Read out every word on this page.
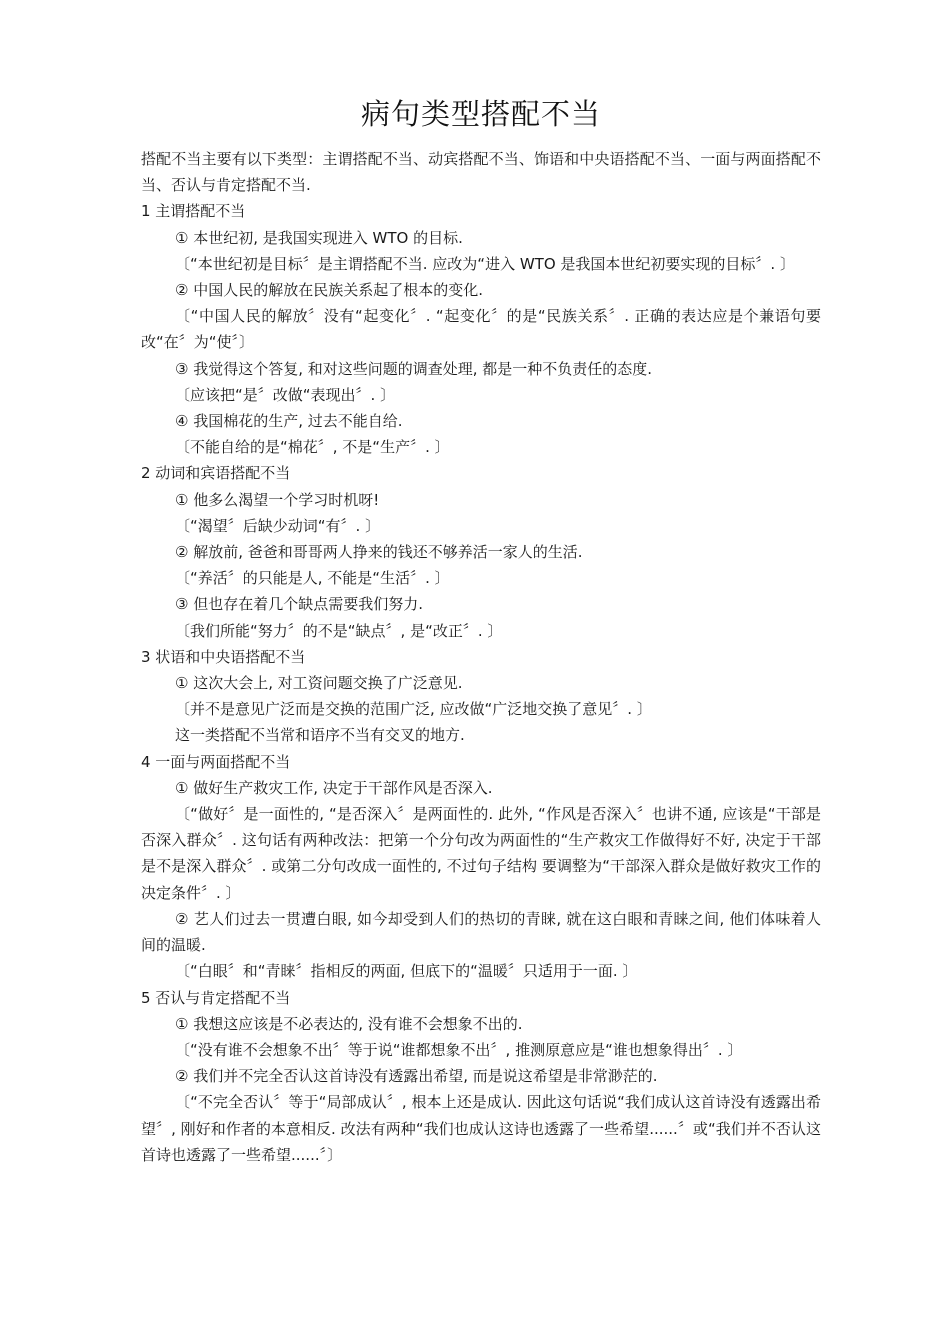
病句类型搭配不当
搭配不当主要有以下类型：主谓搭配不当、动宾搭配不当、饰语和中央语搭配不当、一面与两面搭配不当、否认与肯定搭配不当.
1 主谓搭配不当
① 本世纪初, 是我国实现进入 WTO 的目标.
〔“本世纪初是目标〞是主谓搭配不当. 应改为“进入 WTO 是我国本世纪初要实现的目标〞. 〕
② 中国人民的解放在民族关系起了根本的变化.
〔“中国人民的解放〞没有“起变化〞. “起变化〞的是“民族关系〞. 正确的表达应是个兼语句要改“在〞为“使〞〕
③ 我觉得这个答复, 和对这些问题的调查处理, 都是一种不负责任的态度.
〔应该把“是〞改做“表现出〞. 〕
④ 我国棉花的生产, 过去不能自给.
〔不能自给的是“棉花〞, 不是“生产〞. 〕
2 动词和宾语搭配不当
① 他多么渴望一个学习时机呀!
〔“渴望〞后缺少动词“有〞. 〕
② 解放前, 爸爸和哥哥两人挣来的钱还不够养活一家人的生活.
〔“养活〞的只能是人, 不能是“生活〞. 〕
③ 但也存在着几个缺点需要我们努力.
〔我们所能“努力〞的不是“缺点〞, 是“改正〞. 〕
3 状语和中央语搭配不当
① 这次大会上, 对工资问题交换了广泛意见.
〔并不是意见广泛而是交换的范围广泛, 应改做“广泛地交换了意见〞. 〕
这一类搭配不当常和语序不当有交叉的地方.
4 一面与两面搭配不当
① 做好生产救灾工作, 决定于干部作风是否深入.
〔“做好〞是一面性的, “是否深入〞是两面性的. 此外, “作风是否深入〞也讲不通, 应该是“干部是否深入群众〞. 这句话有两种改法：把第一个分句改为两面性的“生产救灾工作做得好不好, 决定于干部是不是深入群众〞. 或第二分句改成一面性的, 不过句子结构 要调整为“干部深入群众是做好救灾工作的决定条件〞. 〕
② 艺人们过去一贯遭白眼, 如今却受到人们的热切的青睐, 就在这白眼和青睐之间, 他们体味着人间的温暖.
〔“白眼〞和“青睐〞指相反的两面, 但底下的“温暖〞只适用于一面. 〕
5 否认与肯定搭配不当
① 我想这应该是不必表达的, 没有谁不会想象不出的.
〔“没有谁不会想象不出〞等于说“谁都想象不出〞, 推测原意应是“谁也想象得出〞. 〕
② 我们并不完全否认这首诗没有透露出希望, 而是说这希望是非常渺茫的.
〔“不完全否认〞等于“局部成认〞, 根本上还是成认. 因此这句话说“我们成认这首诗没有透露出希望〞, 刚好和作者的本意相反. 改法有两种“我们也成认这诗也透露了一些希望......〞或“我们并不否认这首诗也透露了一些希望......〞〕
